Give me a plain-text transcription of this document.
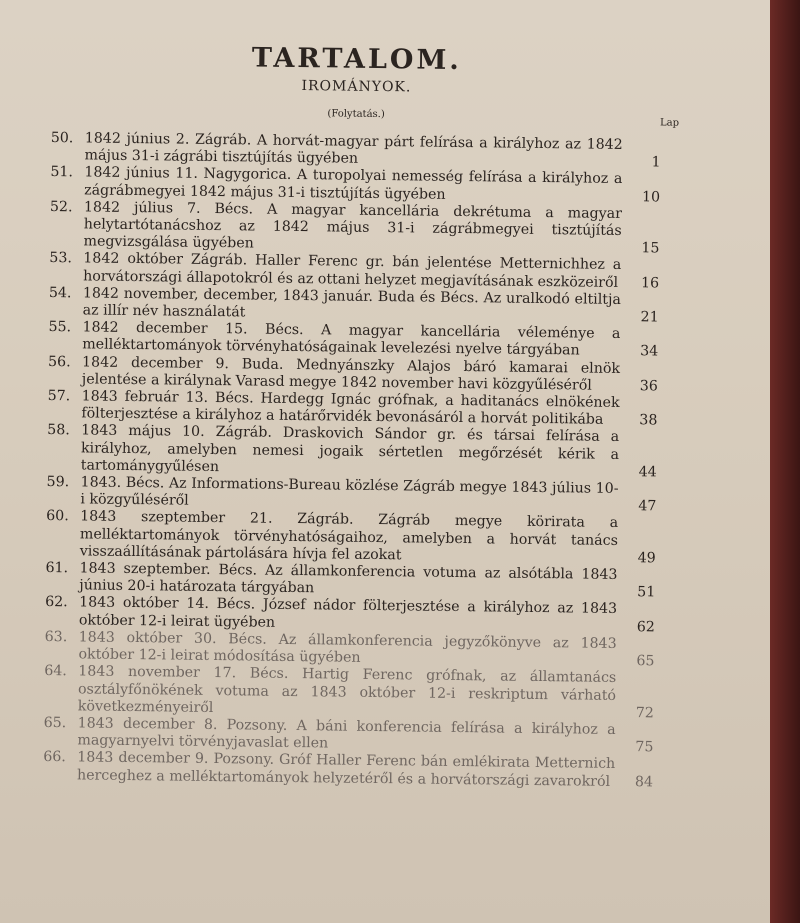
TARTALOM.
IROMÁNYOK.
(Folytatás.)
Lap
50. 1842 június 2. Zágráb. A horvát-magyar párt felírása a királyhoz az 1842 május 31-i zágrábi tisztújítás ügyében	1
51. 1842 június 11. Nagygorica. A turopolyai nemesség felírása a királyhoz a zágrábmegyei 1842 május 31-i tisztújítás ügyében	10
52. 1842 július 7. Bécs. A magyar kancellária dekrétuma a magyar helytartótanácshoz az 1842 május 31-i zágrábmegyei tisztújítás megvizsgálása ügyében	15
53. 1842 október Zágráb. Haller Ferenc gr. bán jelentése Metternichhez a horvátországi állapotokról és az ottani helyzet megjavításának eszközeiről	16
54. 1842 november, december, 1843 január. Buda és Bécs. Az uralkodó eltiltja az illír név használatát	21
55. 1842 december 15. Bécs. A magyar kancellária véleménye a melléktartományok törvényhatóságainak levelezési nyelve tárgyában	34
56. 1842 december 9. Buda. Mednyánszky Alajos báró kamarai elnök jelentése a királynak Varasd megye 1842 november havi közgyűléséről	36
57. 1843 február 13. Bécs. Hardegg Ignác grófnak, a haditanács elnökének fölterjesztése a királyhoz a határőrvidék bevonásáról a horvát politikába	38
58. 1843 május 10. Zágráb. Draskovich Sándor gr. és társai felírása a királyhoz, amelyben nemesi jogaik sértetlen megőrzését kérik a tartománygyűlésen	44
59. 1843. Bécs. Az Informations-Bureau közlése Zágráb megye 1843 július 10-i közgyűléséről	47
60. 1843 szeptember 21. Zágráb. Zágráb megye körirata a melléktartományok törvényhatóságaihoz, amelyben a horvát tanács visszaállításának pártolására hívja fel azokat	49
61. 1843 szeptember. Bécs. Az államkonferencia votuma az alsótábla 1843 június 20-i határozata tárgyában	51
62. 1843 október 14. Bécs. József nádor fölterjesztése a királyhoz az 1843 október 12-i leirat ügyében	62
63. 1843 október 30. Bécs. Az államkonferencia jegyzőkönyve az 1843 október 12-i leirat módosítása ügyében	65
64. 1843 november 17. Bécs. Hartig Ferenc grófnak, az államtanács osztályfőnökének votuma az 1843 október 12-i reskriptum várható következményeiről	72
65. 1843 december 8. Pozsony. A báni konferencia felírása a királyhoz a magyarnyelvi törvényjavaslat ellen	75
66. 1843 december 9. Pozsony. Gróf Haller Ferenc bán emlékirata Metternich herceghez a melléktartományok helyzetéről és a horvátországi zavarokról	84
